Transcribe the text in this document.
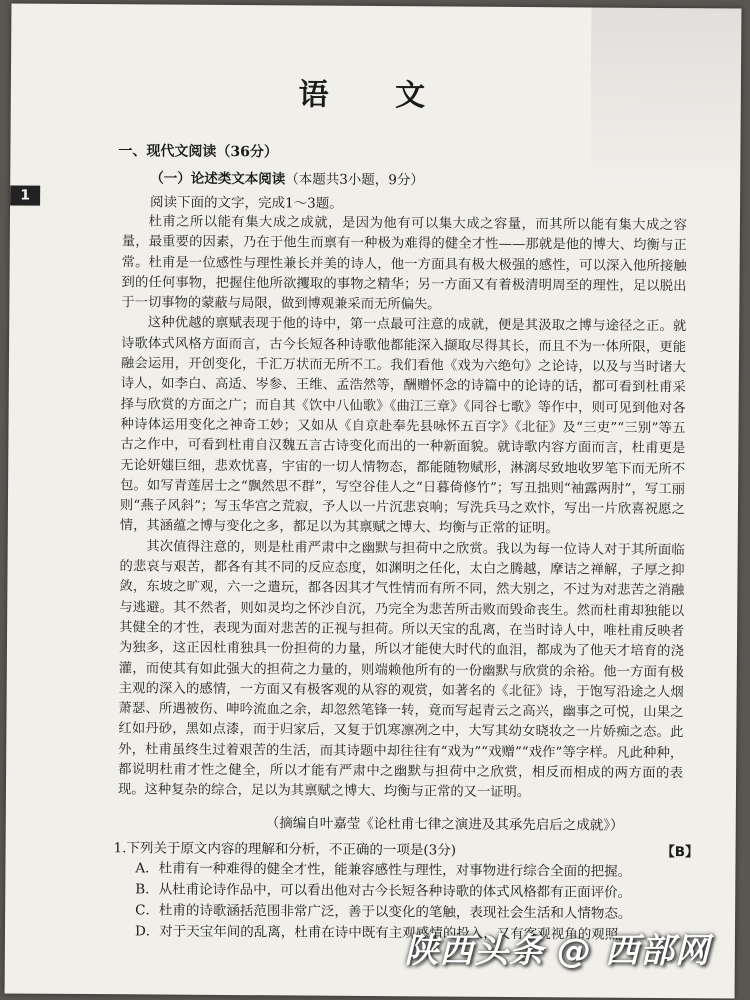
1
语 文
一、现代文阅读（36分）
（一）论述类文本阅读（本题共3小题，9分）
阅读下面的文字，完成1～3题。

杜甫之所以能有集大成之成就，是因为他有可以集大成之容量，而其所以能有集大成之容量，最重要的因素，乃在于他生而禀有一种极为难得的健全才性——那就是他的博大、均衡与正常。杜甫是一位感性与理性兼长并美的诗人，他一方面具有极大极强的感性，可以深入他所接触到的任何事物，把握住他所欲攫取的事物之精华；另一方面又有着极清明周至的理性，足以脱出于一切事物的蒙蔽与局限，做到博观兼采而无所偏失。

这种优越的禀赋表现于他的诗中，第一点最可注意的成就，便是其汲取之博与途径之正。就诗歌体式风格方面而言，古今长短各种诗歌他都能深入撷取尽得其长，而且不为一体所限，更能融会运用，开创变化，千汇万状而无所不工。我们看他《戏为六绝句》之论诗，以及与当时诸大诗人，如李白、高适、岑参、王维、孟浩然等，酬赠怀念的诗篇中的论诗的话，都可看到杜甫采择与欣赏的方面之广；而自其《饮中八仙歌》《曲江三章》《同谷七歌》等作中，则可见到他对各种诗体运用变化之神奇工妙；又如从《自京赴奉先县咏怀五百字》《北征》及“三吏”“三别”等五古之作中，可看到杜甫自汉魏五言古诗变化而出的一种新面貌。就诗歌内容方面而言，杜甫更是无论妍媸巨细，悲欢忧喜，宇宙的一切人情物态，都能随物赋形，淋漓尽致地收罗笔下而无所不包。如写青莲居士之“飘然思不群”，写空谷佳人之“日暮倚修竹”；写丑拙则“袖露两肘”，写工丽则“燕子风斜”；写玉华宫之荒寂，予人以一片沉悲哀响；写洗兵马之欢忭，写出一片欣喜祝愿之情，其涵蕴之博与变化之多，都足以为其禀赋之博大、均衡与正常的证明。

其次值得注意的，则是杜甫严肃中之幽默与担荷中之欣赏。我以为每一位诗人对于其所面临的悲哀与艰苦，都各有其不同的反应态度，如渊明之任化，太白之腾越，摩诘之禅解，子厚之抑敛，东坡之旷观，六一之遣玩，都各因其才气性情而有所不同，然大别之，不过为对悲苦之消融与逃避。其不然者，则如灵均之怀沙自沉，乃完全为悲苦所击败而毁命丧生。然而杜甫却独能以其健全的才性，表现为面对悲苦的正视与担荷。所以天宝的乱离，在当时诗人中，唯杜甫反映者为独多，这正因杜甫独具一份担荷的力量，所以才能使大时代的血泪，都成为了他天才培育的浇灌，而使其有如此强大的担荷之力量的，则端赖他所有的一份幽默与欣赏的余裕。他一方面有极主观的深入的感情，一方面又有极客观的从容的观赏，如著名的《北征》诗，于饱写沿途之人烟萧瑟、所遇被伤、呻吟流血之余，却忽然笔锋一转，竟而写起青云之高兴，幽事之可悦，山果之红如丹砂，黑如点漆，而于归家后，又复于饥寒凛冽之中，大写其幼女晓妆之一片娇痴之态。此外，杜甫虽终生过着艰苦的生活，而其诗题中却往往有“戏为”“戏赠”“戏作”等字样。凡此种种，都说明杜甫才性之健全，所以才能有严肃中之幽默与担荷中之欣赏，相反而相成的两方面的表现。这种复杂的综合，足以为其禀赋之博大、均衡与正常的又一证明。

（摘编自叶嘉莹《论杜甫七律之演进及其承先启后之成就》）
1.下列关于原文内容的理解和分析，不正确的一项是(3分)	【B】
A．杜甫有一种难得的健全才性，能兼容感性与理性，对事物进行综合全面的把握。
B．从杜甫论诗作品中，可以看出他对古今长短各种诗歌的体式风格都有正面评价。
C．杜甫的诗歌涵括范围非常广泛，善于以变化的笔触，表现社会生活和人情物态。
D．对于天宝年间的乱离，杜甫在诗中既有主观感情的投入，又有客观视角的观照。
陕西头条 @ 西部网
